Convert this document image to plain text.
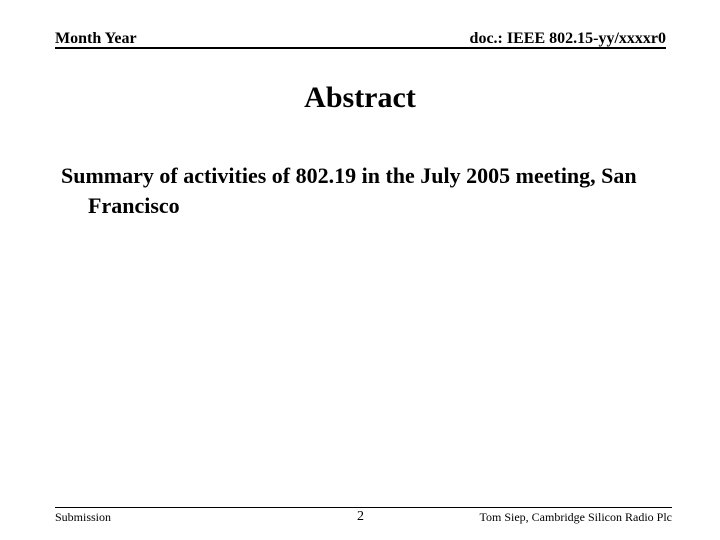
Month Year	doc.: IEEE 802.15-yy/xxxxr0
Abstract
Summary of activities of 802.19 in the July 2005 meeting, San Francisco
Submission	2	Tom Siep, Cambridge Silicon Radio Plc
